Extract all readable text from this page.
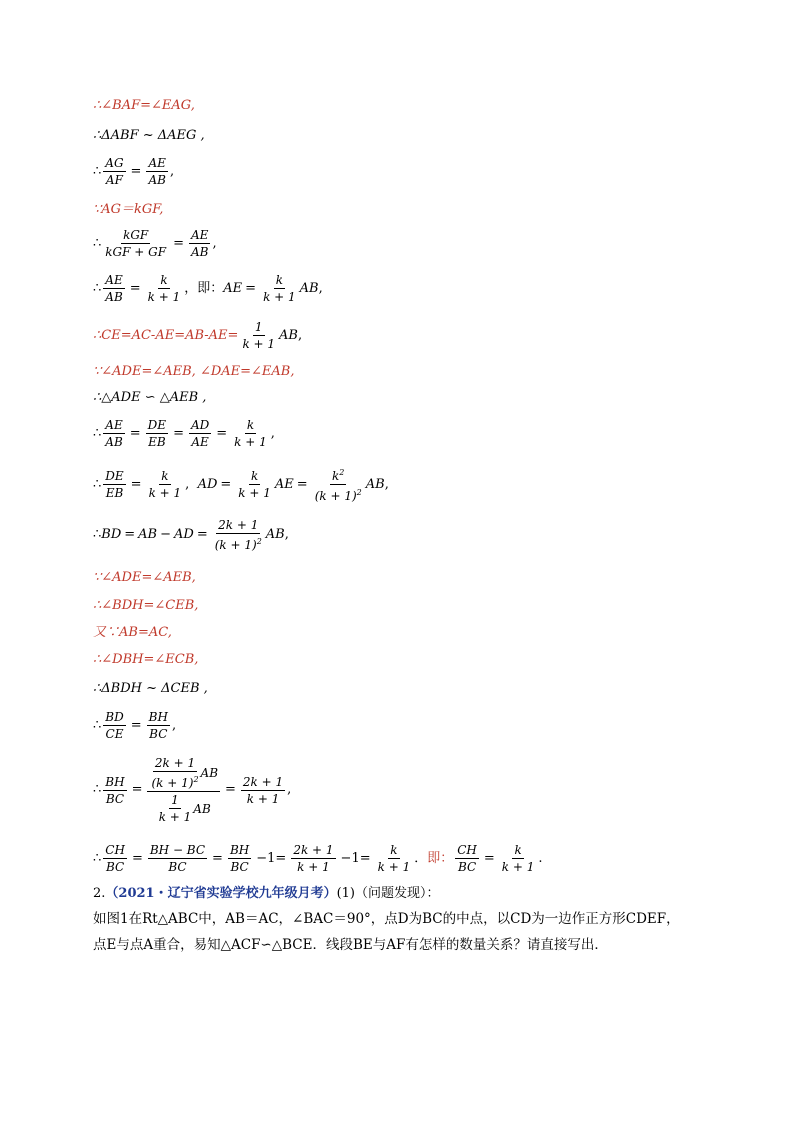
∴∠BAF=∠EAG,
∴ΔABF ~ ΔAEG ,
∴ $\frac{AG}{AF} = \frac{AE}{AB}$ ,
∵AG＝kGF,
∴
kGF
kGF + GF
= $\frac{AE}{AB}$ ,
∴ $\frac{AE}{AB} = \frac{k}{k + 1}$ ，即： AE = $\frac{k}{k + 1}$ AB ,
∴CE=AC-AE=AB-AE= $\frac{1}{k + 1}$ AB ,
∵∠ADE=∠AEB, ∠DAE=∠EAB,
∴△ADE ∽ △AEB ,
∴ $\frac{AE}{AB} = \frac{DE}{EB} = \frac{AD}{AE} = \frac{k}{k + 1}$ ,
∴ $\frac{DE}{EB} = \frac{k}{k + 1}$ , AD = $\frac{k}{k + 1}$ AE = $\frac{k^2}{(k + 1)^2}$ AB ,
∴ BD = AB − AD = $\frac{2k + 1}{(k + 1)^2}$ AB ,
∵∠ADE=∠AEB,
∴∠BDH=∠CEB,
又∵AB=AC,
∴∠DBH=∠ECB,
∴ΔBDH ~ ΔCEB ,
∴ $\frac{BD}{CE} = \frac{BH}{BC}$ ,
∴ $\frac{BH}{BC} = 2k + 1$
$(k + 1)^2$ AB
1
k + 1
AB = $\frac{2k + 1}{k + 1}$ ,
∴ $\frac{CH}{BC} = \frac{BH - BC}{BC} = \frac{BH}{BC} -1= \frac{2k + 1}{k + 1} -1= \frac{k}{k + 1}$ ． 即： $\frac{CH}{BC} = \frac{k}{k + 1}$ .
2. （2021・辽宁省实验学校九年级月考） (1)（问题发现）：
如图1在Rt△ABC中，AB＝AC，∠BAC＝90°，点D为BC的中点，以CD为一边作正方形CDEF，
点E与点A重合，易知△ACF∽△BCE．线段BE与AF有怎样的数量关系？请直接写出．
